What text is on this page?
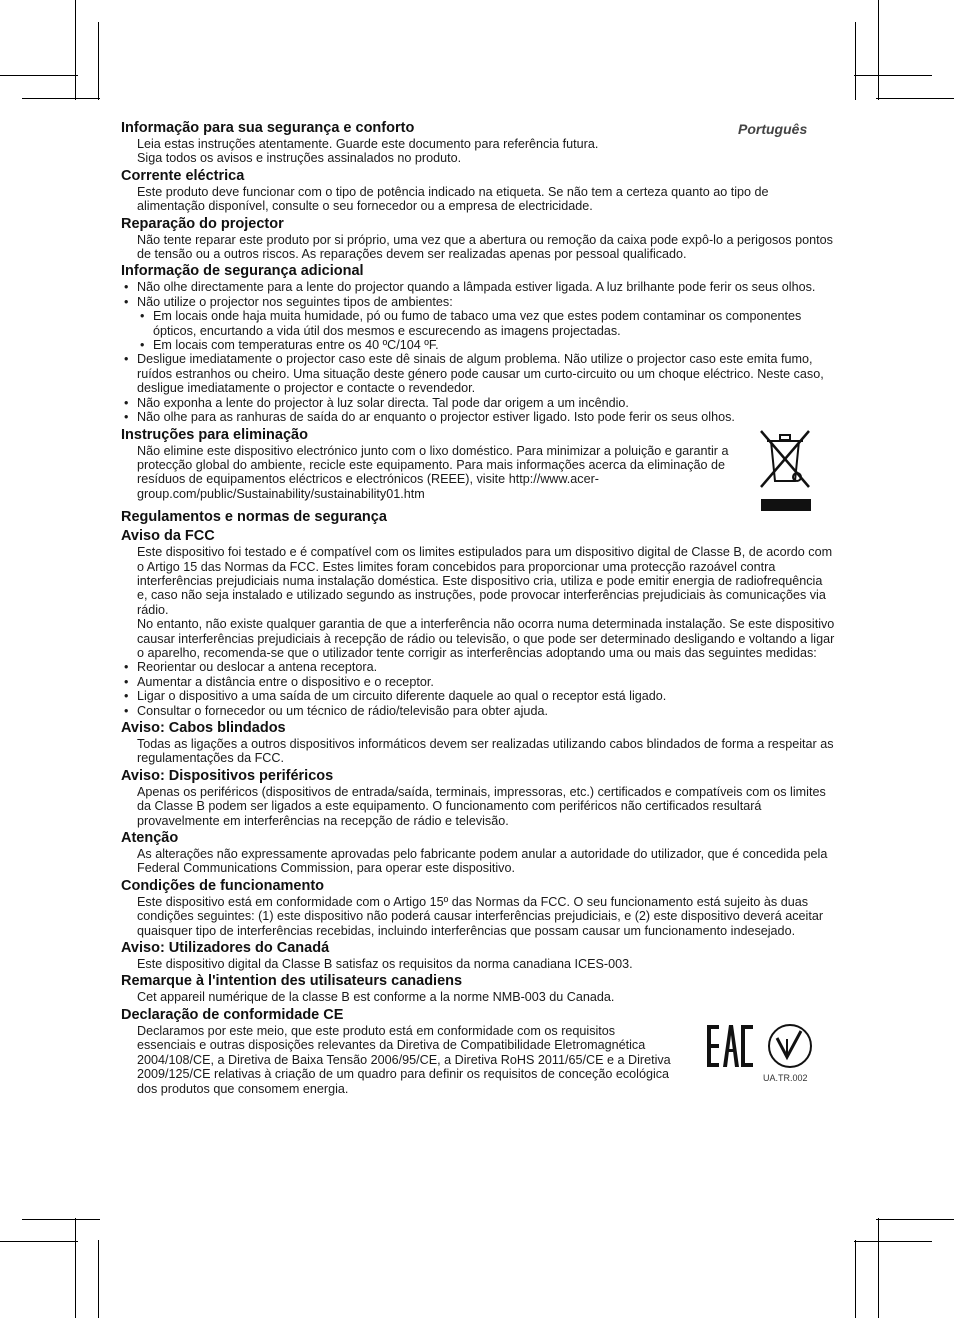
Português
Informação para sua segurança e conforto

Leia estas instruções atentamente. Guarde este documento para referência futura.

Siga todos os avisos e instruções assinalados no produto.

Corrente eléctrica

Este produto deve funcionar com o tipo de potência indicado na etiqueta. Se não tem a certeza quanto ao tipo de alimentação disponível, consulte o seu fornecedor ou a empresa de electricidade.

Reparação do projector

Não tente reparar este produto por si próprio, uma vez que a abertura ou remoção da caixa pode expô-lo a perigosos pontos de tensão ou a outros riscos. As reparações devem ser realizadas apenas por pessoal qualificado.

Informação de segurança adicional
• Não olhe directamente para a lente do projector quando a lâmpada estiver ligada. A luz brilhante pode ferir os seus olhos.
• Não utilize o projector nos seguintes tipos de ambientes:
• Em locais onde haja muita humidade, pó ou fumo de tabaco uma vez que estes podem contaminar os componentes ópticos, encurtando a vida útil dos mesmos e escurecendo as imagens projectadas.
• Em locais com temperaturas entre os 40 ºC/104 ºF.
• Desligue imediatamente o projector caso este dê sinais de algum problema. Não utilize o projector caso este emita fumo, ruídos estranhos ou cheiro. Uma situação deste género pode causar um curto-circuito ou um choque eléctrico. Neste caso, desligue imediatamente o projector e contacte o revendedor.
• Não exponha a lente do projector à luz solar directa. Tal pode dar origem a um incêndio.
• Não olhe para as ranhuras de saída do ar enquanto o projector estiver ligado. Isto pode ferir os seus olhos.
Instruções para eliminação

Não elimine este dispositivo electrónico junto com o lixo doméstico. Para minimizar a poluição e garantir a protecção global do ambiente, recicle este equipamento. Para mais informações acerca da eliminação de resíduos de equipamentos eléctricos e electrónicos (REEE), visite http://www.acer-group.com/public/Sustainability/sustainability01.htm

Regulamentos e normas de segurança
Aviso da FCC

Este dispositivo foi testado e é compatível com os limites estipulados para um dispositivo digital de Classe B, de acordo com o Artigo 15 das Normas da FCC. Estes limites foram concebidos para proporcionar uma protecção razoável contra interferências prejudiciais numa instalação doméstica. Este dispositivo cria, utiliza e pode emitir energia de radiofrequência e, caso não seja instalado e utilizado segundo as instruções, pode provocar interferências prejudiciais às comunicações via rádio.

No entanto, não existe qualquer garantia de que a interferência não ocorra numa determinada instalação. Se este dispositivo causar interferências prejudiciais à recepção de rádio ou televisão, o que pode ser determinado desligando e voltando a ligar o aparelho, recomenda-se que o utilizador tente corrigir as interferências adoptando uma ou mais das seguintes medidas:

• Reorientar ou deslocar a antena receptora.
• Aumentar a distância entre o dispositivo e o receptor.
• Ligar o dispositivo a uma saída de um circuito diferente daquele ao qual o receptor está ligado.
• Consultar o fornecedor ou um técnico de rádio/televisão para obter ajuda.
Aviso: Cabos blindados

Todas as ligações a outros dispositivos informáticos devem ser realizadas utilizando cabos blindados de forma a respeitar as regulamentações da FCC.

Aviso: Dispositivos periféricos

Apenas os periféricos (dispositivos de entrada/saída, terminais, impressoras, etc.) certificados e compatíveis com os limites da Classe B podem ser ligados a este equipamento. O funcionamento com periféricos não certificados resultará provavelmente em interferências na recepção de rádio e televisão.

Atenção

As alterações não expressamente aprovadas pelo fabricante podem anular a autoridade do utilizador, que é concedida pela Federal Communications Commission, para operar este dispositivo.

Condições de funcionamento

Este dispositivo está em conformidade com o Artigo 15º das Normas da FCC. O seu funcionamento está sujeito às duas condições seguintes: (1) este dispositivo não poderá causar interferências prejudiciais, e (2) este dispositivo deverá aceitar quaisquer tipo de interferências recebidas, incluindo interferências que possam causar um funcionamento indesejado.

Aviso: Utilizadores do Canadá

Este dispositivo digital da Classe B satisfaz os requisitos da norma canadiana ICES-003.

Remarque à l'intention des utilisateurs canadiens

Cet appareil numérique de la classe B est conforme a la norme NMB-003 du Canada.

Declaração de conformidade CE

Declaramos por este meio, que este produto está em conformidade com os requisitos essenciais e outras disposições relevantes da Diretiva de Compatibilidade Eletromagnética 2004/108/CE, a Diretiva de Baixa Tensão 2006/95/CE, a Diretiva RoHS 2011/65/CE e a Diretiva 2009/125/CE relativas à criação de um quadro para definir os requisitos de conceção ecológica dos produtos que consomem energia.

UA.TR.002
